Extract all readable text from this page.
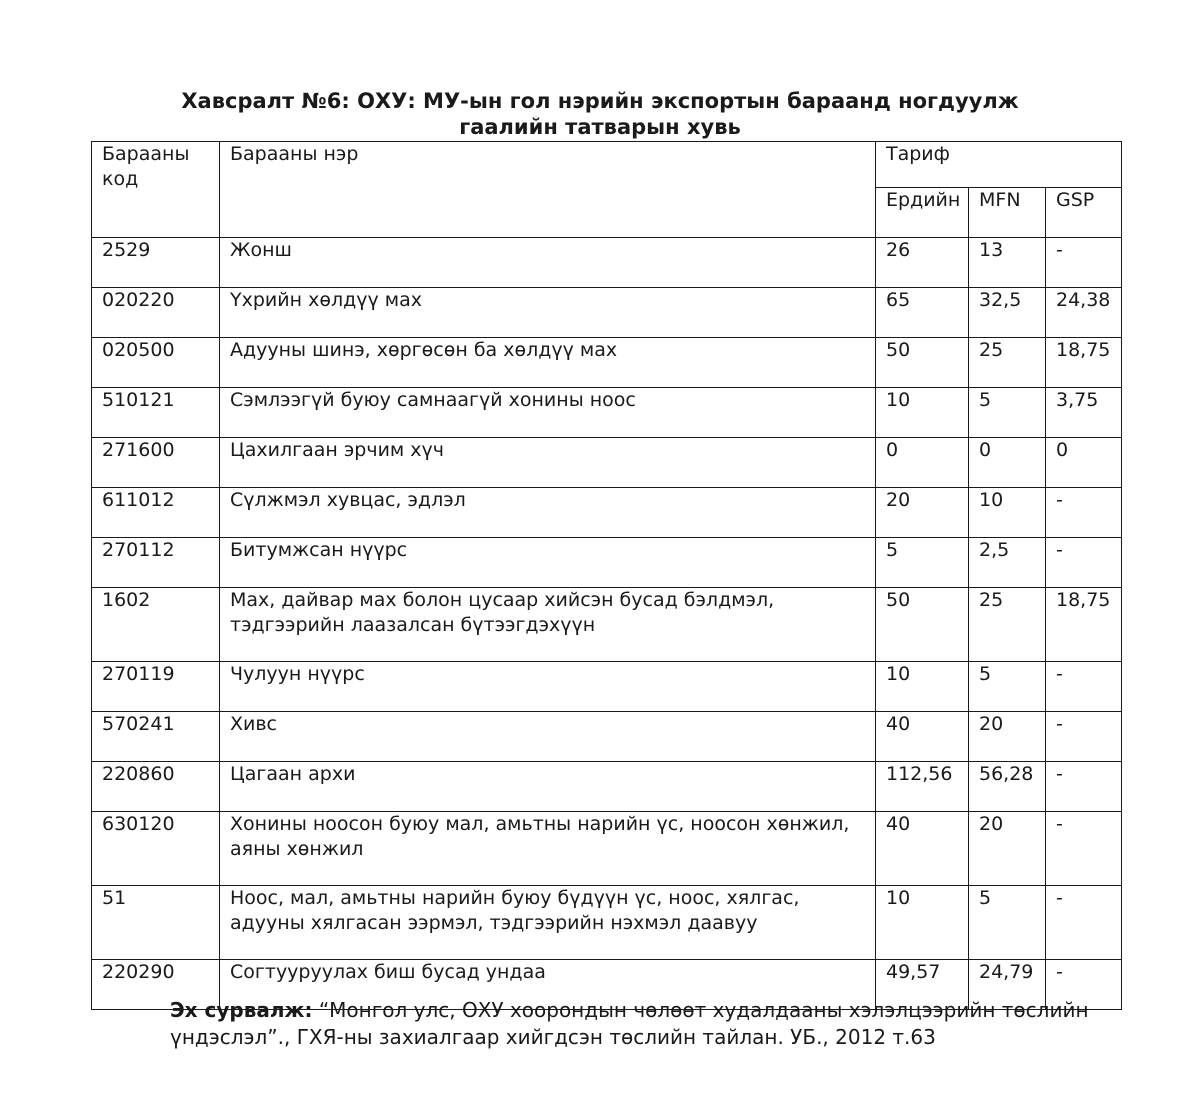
Хавсралт №6: ОХУ: МУ-ын гол нэрийн экспортын бараанд ногдуулж
гаалийн татварын хувь
Барааны код	Барааны нэр	Тариф		
		Ердийн	MFN	GSP
2529	Жонш	26	13	-
020220	Үхрийн хөлдүү мах	65	32,5	24,38
020500	Адууны шинэ, хөргөсөн ба хөлдүү мах	50	25	18,75
510121	Сэмлээгүй буюу самнаагүй хонины ноос	10	5	3,75
271600	Цахилгаан эрчим хүч	0	0	0
611012	Сүлжмэл хувцас, эдлэл	20	10	-
270112	Битумжсан нүүрс	5	2,5	-
1602	Мах, дайвар мах болон цусаар хийсэн бусад бэлдмэл, тэдгээрийн лаазалсан бүтээгдэхүүн	50	25	18,75
270119	Чулуун нүүрс	10	5	-
570241	Хивс	40	20	-
220860	Цагаан архи	112,56	56,28	-
630120	Хонины ноосон буюу мал, амьтны нарийн үс, ноосон хөнжил, аяны хөнжил	40	20	-
51	Ноос, мал, амьтны нарийн буюу бүдүүн үс, ноос, хялгас, адууны хялгасан ээрмэл, тэдгээрийн нэхмэл даавуу	10	5	-
220290	Согтууруулах биш бусад ундаа	49,57	24,79	-
Эх сурвалж: “Монгол улс, ОХУ хоорондын чөлөөт худалдааны хэлэлцээрийн төслийн үндэслэл”., ГХЯ-ны захиалгаар хийгдсэн төслийн тайлан. УБ., 2012 т.63
